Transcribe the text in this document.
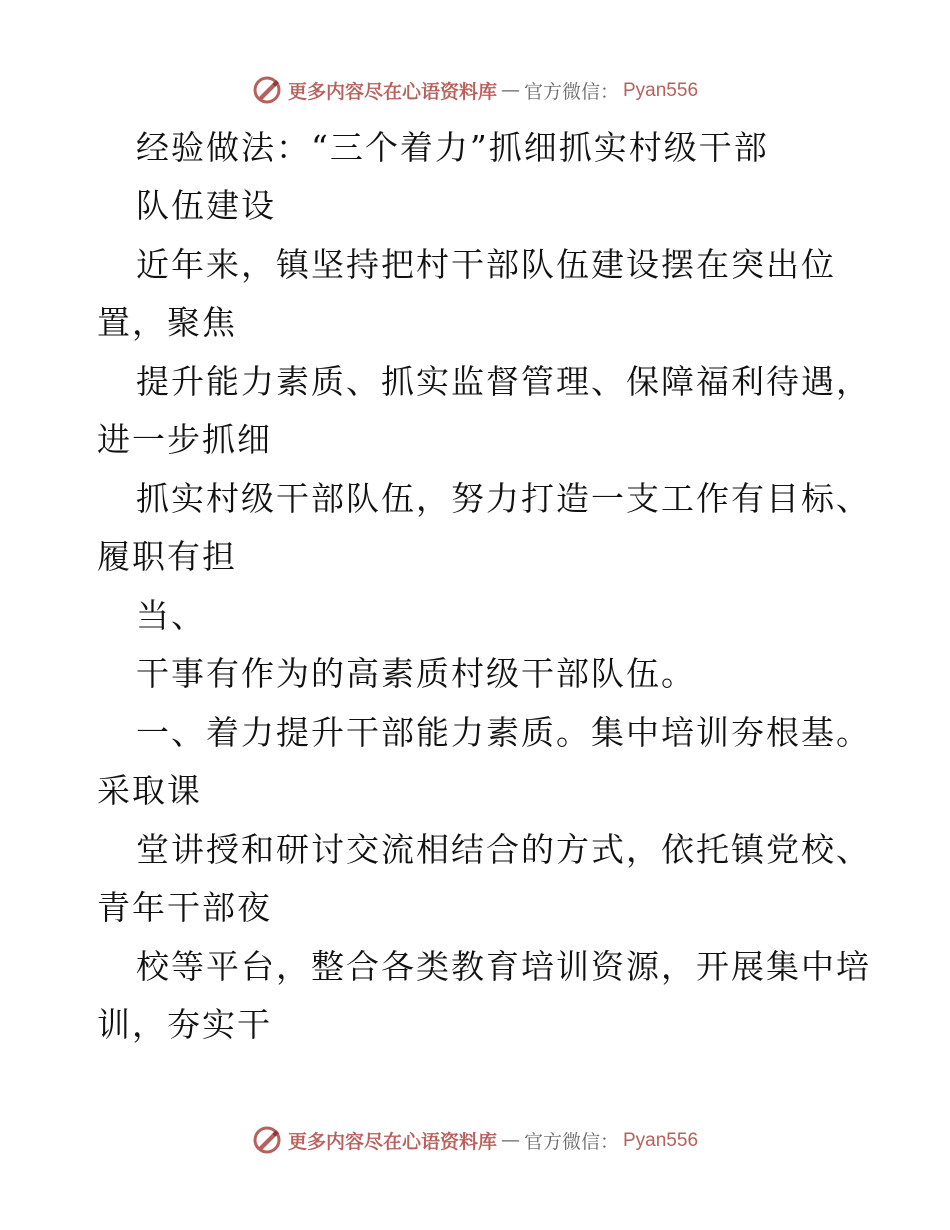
更多内容尽在心语资料库 — 官方微信： Pyan556
经验做法：“三个着力”抓细抓实村级干部
队伍建设
近年来，镇坚持把村干部队伍建设摆在突出位
置，聚焦
提升能力素质、抓实监督管理、保障福利待遇，
进一步抓细
抓实村级干部队伍，努力打造一支工作有目标、
履职有担
当、
干事有作为的高素质村级干部队伍。
一、着力提升干部能力素质。集中培训夯根基。
采取课
堂讲授和研讨交流相结合的方式，依托镇党校、
青年干部夜
校等平台，整合各类教育培训资源，开展集中培
训，夯实干
更多内容尽在心语资料库 — 官方微信： Pyan556
